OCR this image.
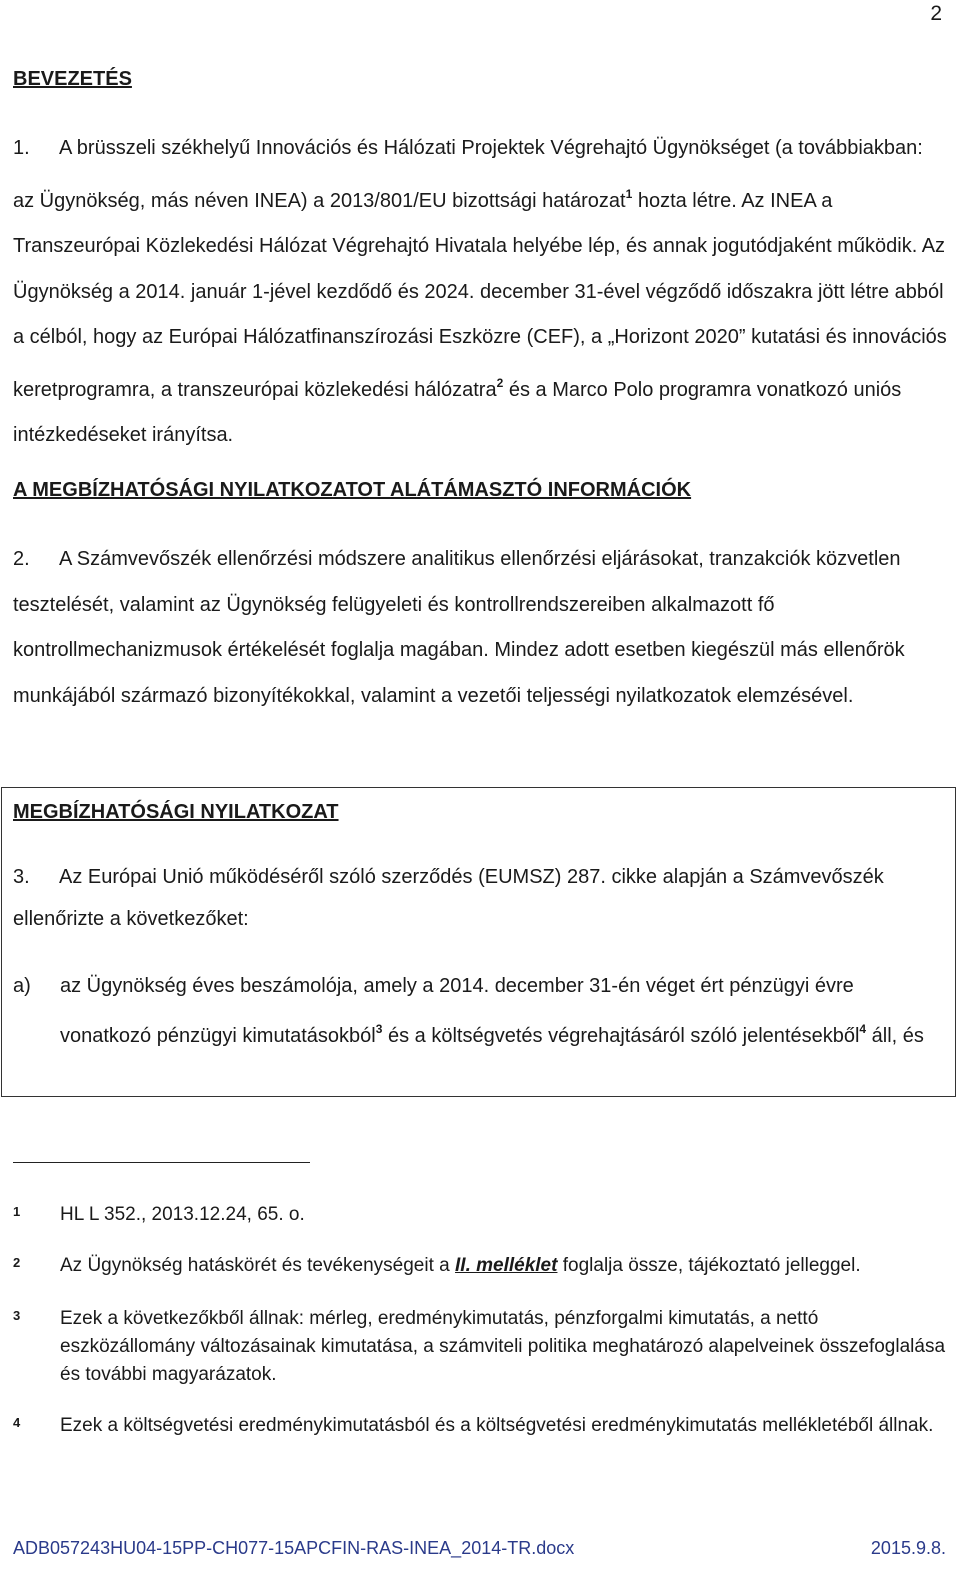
2
BEVEZETÉS
1. A brüsszeli székhelyű Innovációs és Hálózati Projektek Végrehajtó Ügynökséget (a továbbiakban: az Ügynökség, más néven INEA) a 2013/801/EU bizottsági határozat$^1$ hozta létre. Az INEA a Transzeurópai Közlekedési Hálózat Végrehajtó Hivatala helyébe lép, és annak jogutódjaként működik. Az Ügynökség a 2014. január 1-jével kezdődő és 2024. december 31-ével végződő időszakra jött létre abból a célból, hogy az Európai Hálózatfinanszírozási Eszközre (CEF), a „Horizont 2020” kutatási és innovációs keretprogramra, a transzeurópai közlekedési hálózatra$^2$ és a Marco Polo programra vonatkozó uniós intézkedéseket irányítsa.
A MEGBÍZHATÓSÁGI NYILATKOZATOT ALÁTÁMASZTÓ INFORMÁCIÓK
2. A Számvevőszék ellenőrzési módszere analitikus ellenőrzési eljárásokat, tranzakciók közvetlen tesztelését, valamint az Ügynökség felügyeleti és kontrollrendszereiben alkalmazott fő kontrollmechanizmusok értékelését foglalja magában. Mindez adott esetben kiegészül más ellenőrök munkájából származó bizonyítékokkal, valamint a vezetői teljességi nyilatkozatok elemzésével.
MEGBÍZHATÓSÁGI NYILATKOZAT
3. Az Európai Unió működéséről szóló szerződés (EUMSZ) 287. cikke alapján a Számvevőszék ellenőrizte a következőket:
a) az Ügynökség éves beszámolója, amely a 2014. december 31-én véget ért pénzügyi évre vonatkozó pénzügyi kimutatásokból$^3$ és a költségvetés végrehajtásáról szóló jelentésekből$^4$ áll, és
1 HL L 352., 2013.12.24, 65. o.
2 Az Ügynökség hatáskörét és tevékenységeit a II. melléklet foglalja össze, tájékoztató jelleggel.
3 Ezek a következőkből állnak: mérleg, eredménykimutatás, pénzforgalmi kimutatás, a nettó eszközállomány változásainak kimutatása, a számviteli politika meghatározó alapelveinek összefoglalása és további magyarázatok.
4 Ezek a költségvetési eredménykimutatásból és a költségvetési eredménykimutatás mellékletéből állnak.
ADB057243HU04-15PP-CH077-15APCFIN-RAS-INEA_2014-TR.docx	2015.9.8.
